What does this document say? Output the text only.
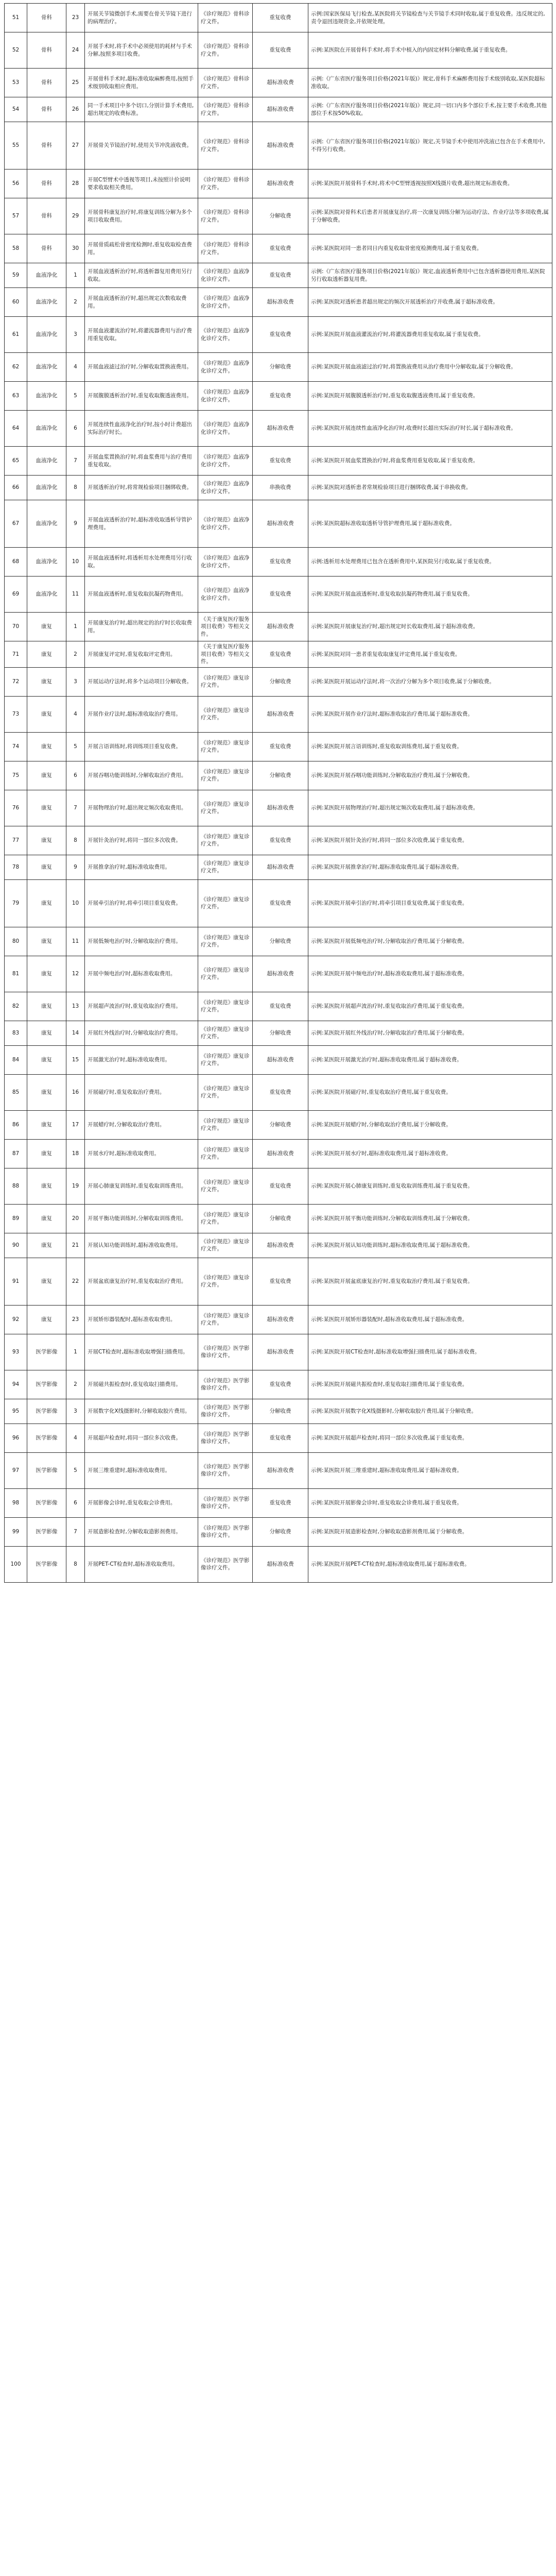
51	骨科	23	开展关节镜微创手术,需要在骨关节镜下进行的病理治疗。	《诊疗规范》骨科诊疗文件。	重复收费	示例:国家医保局飞行检查,某医院将关节镜检查与关节镜手术同时收取,属于重复收费。违反规定的,责令退回违规资金,并依规处理。
52	骨科	24	开展手术时,将手术中必须使用的耗材与手术分解,按照多项目收费。	《诊疗规范》骨科诊疗文件。	重复收费	示例:某医院在开展骨科手术时,将手术中植入的内固定材料分解收费,属于重复收费。
53	骨科	25	开展骨科手术时,超标准收取麻醉费用,按照手术级别收取相应费用。	《诊疗规范》骨科诊疗文件。	超标准收费	示例:《广东省医疗服务项目价格(2021年版)》规定,骨科手术麻醉费用按手术级别收取,某医院超标准收取。
54	骨科	26	同一手术项目中多个切口,分别计算手术费用,超出规定的收费标准。	《诊疗规范》骨科诊疗文件。	超标准收费	示例:《广东省医疗服务项目价格(2021年版)》规定,同一切口内多个部位手术,按主要手术收费,其他部位手术按50%收取。
55	骨科	27	开展骨关节镜治疗时,使用关节冲洗液收费。	《诊疗规范》骨科诊疗文件。	超标准收费	示例:《广东省医疗服务项目价格(2021年版)》规定,关节镜手术中使用冲洗液已包含在手术费用中,不得另行收费。
56	骨科	28	开展C型臂术中透视等项目,未按照计价说明要求收取相关费用。	《诊疗规范》骨科诊疗文件。	超标准收费	示例:某医院开展骨科手术时,将术中C型臂透视按照X线摄片收费,超出规定标准收费。
57	骨科	29	开展骨科康复治疗时,将康复训练分解为多个项目收取费用。	《诊疗规范》骨科诊疗文件。	分解收费	示例:某医院对骨科术后患者开展康复治疗,将一次康复训练分解为运动疗法、作业疗法等多项收费,属于分解收费。
58	骨科	30	开展骨质疏松骨密度检测时,重复收取检查费用。	《诊疗规范》骨科诊疗文件。	重复收费	示例:某医院对同一患者同日内重复收取骨密度检测费用,属于重复收费。
59	血液净化	1	开展血液透析治疗时,将透析器复用费用另行收取。	《诊疗规范》血液净化诊疗文件。	重复收费	示例:《广东省医疗服务项目价格(2021年版)》规定,血液透析费用中已包含透析器使用费用,某医院另行收取透析器复用费。
60	血液净化	2	开展血液透析治疗时,超出规定次数收取费用。	《诊疗规范》血液净化诊疗文件。	超标准收费	示例:某医院对透析患者超出规定的频次开展透析治疗并收费,属于超标准收费。
61	血液净化	3	开展血液灌流治疗时,将灌流器费用与治疗费用重复收取。	《诊疗规范》血液净化诊疗文件。	重复收费	示例:某医院开展血液灌流治疗时,将灌流器费用重复收取,属于重复收费。
62	血液净化	4	开展血液滤过治疗时,分解收取置换液费用。	《诊疗规范》血液净化诊疗文件。	分解收费	示例:某医院开展血液滤过治疗时,将置换液费用从治疗费用中分解收取,属于分解收费。
63	血液净化	5	开展腹膜透析治疗时,重复收取腹透液费用。	《诊疗规范》血液净化诊疗文件。	重复收费	示例:某医院开展腹膜透析治疗时,重复收取腹透液费用,属于重复收费。
64	血液净化	6	开展连续性血液净化治疗时,按小时计费超出实际治疗时长。	《诊疗规范》血液净化诊疗文件。	超标准收费	示例:某医院开展连续性血液净化治疗时,收费时长超出实际治疗时长,属于超标准收费。
65	血液净化	7	开展血浆置换治疗时,将血浆费用与治疗费用重复收取。	《诊疗规范》血液净化诊疗文件。	重复收费	示例:某医院开展血浆置换治疗时,将血浆费用重复收取,属于重复收费。
66	血液净化	8	开展透析治疗时,将常规检验项目捆绑收费。	《诊疗规范》血液净化诊疗文件。	串换收费	示例:某医院对透析患者常规检验项目进行捆绑收费,属于串换收费。
67	血液净化	9	开展血液透析治疗时,超标准收取透析导管护理费用。	《诊疗规范》血液净化诊疗文件。	超标准收费	示例:某医院超标准收取透析导管护理费用,属于超标准收费。
68	血液净化	10	开展血液透析时,将透析用水处理费用另行收取。	《诊疗规范》血液净化诊疗文件。	重复收费	示例:透析用水处理费用已包含在透析费用中,某医院另行收取,属于重复收费。
69	血液净化	11	开展血液透析时,重复收取抗凝药物费用。	《诊疗规范》血液净化诊疗文件。	重复收费	示例:某医院开展血液透析时,重复收取抗凝药物费用,属于重复收费。
70	康复	1	开展康复治疗时,超出规定的治疗时长收取费用。	《关于康复医疗服务项目收费》等相关文件。	超标准收费	示例:某医院开展康复治疗时,超出规定时长收取费用,属于超标准收费。
71	康复	2	开展康复评定时,重复收取评定费用。	《关于康复医疗服务项目收费》等相关文件。	重复收费	示例:某医院对同一患者重复收取康复评定费用,属于重复收费。
72	康复	3	开展运动疗法时,将多个运动项目分解收费。	《诊疗规范》康复诊疗文件。	分解收费	示例:某医院开展运动疗法时,将一次治疗分解为多个项目收费,属于分解收费。
73	康复	4	开展作业疗法时,超标准收取治疗费用。	《诊疗规范》康复诊疗文件。	超标准收费	示例:某医院开展作业疗法时,超标准收取治疗费用,属于超标准收费。
74	康复	5	开展言语训练时,将训练项目重复收费。	《诊疗规范》康复诊疗文件。	重复收费	示例:某医院开展言语训练时,重复收取训练费用,属于重复收费。
75	康复	6	开展吞咽功能训练时,分解收取治疗费用。	《诊疗规范》康复诊疗文件。	分解收费	示例:某医院开展吞咽功能训练时,分解收取治疗费用,属于分解收费。
76	康复	7	开展物理治疗时,超出规定频次收取费用。	《诊疗规范》康复诊疗文件。	超标准收费	示例:某医院开展物理治疗时,超出规定频次收取费用,属于超标准收费。
77	康复	8	开展针灸治疗时,将同一部位多次收费。	《诊疗规范》康复诊疗文件。	重复收费	示例:某医院开展针灸治疗时,将同一部位多次收费,属于重复收费。
78	康复	9	开展推拿治疗时,超标准收取费用。	《诊疗规范》康复诊疗文件。	超标准收费	示例:某医院开展推拿治疗时,超标准收取费用,属于超标准收费。
79	康复	10	开展牵引治疗时,将牵引项目重复收费。	《诊疗规范》康复诊疗文件。	重复收费	示例:某医院开展牵引治疗时,将牵引项目重复收费,属于重复收费。
80	康复	11	开展低频电治疗时,分解收取治疗费用。	《诊疗规范》康复诊疗文件。	分解收费	示例:某医院开展低频电治疗时,分解收取治疗费用,属于分解收费。
81	康复	12	开展中频电治疗时,超标准收取费用。	《诊疗规范》康复诊疗文件。	超标准收费	示例:某医院开展中频电治疗时,超标准收取费用,属于超标准收费。
82	康复	13	开展超声波治疗时,重复收取治疗费用。	《诊疗规范》康复诊疗文件。	重复收费	示例:某医院开展超声波治疗时,重复收取治疗费用,属于重复收费。
83	康复	14	开展红外线治疗时,分解收取治疗费用。	《诊疗规范》康复诊疗文件。	分解收费	示例:某医院开展红外线治疗时,分解收取治疗费用,属于分解收费。
84	康复	15	开展激光治疗时,超标准收取费用。	《诊疗规范》康复诊疗文件。	超标准收费	示例:某医院开展激光治疗时,超标准收取费用,属于超标准收费。
85	康复	16	开展磁疗时,重复收取治疗费用。	《诊疗规范》康复诊疗文件。	重复收费	示例:某医院开展磁疗时,重复收取治疗费用,属于重复收费。
86	康复	17	开展蜡疗时,分解收取治疗费用。	《诊疗规范》康复诊疗文件。	分解收费	示例:某医院开展蜡疗时,分解收取治疗费用,属于分解收费。
87	康复	18	开展水疗时,超标准收取费用。	《诊疗规范》康复诊疗文件。	超标准收费	示例:某医院开展水疗时,超标准收取费用,属于超标准收费。
88	康复	19	开展心肺康复训练时,重复收取训练费用。	《诊疗规范》康复诊疗文件。	重复收费	示例:某医院开展心肺康复训练时,重复收取训练费用,属于重复收费。
89	康复	20	开展平衡功能训练时,分解收取训练费用。	《诊疗规范》康复诊疗文件。	分解收费	示例:某医院开展平衡功能训练时,分解收取训练费用,属于分解收费。
90	康复	21	开展认知功能训练时,超标准收取费用。	《诊疗规范》康复诊疗文件。	超标准收费	示例:某医院开展认知功能训练时,超标准收取费用,属于超标准收费。
91	康复	22	开展盆底康复治疗时,重复收取治疗费用。	《诊疗规范》康复诊疗文件。	重复收费	示例:某医院开展盆底康复治疗时,重复收取治疗费用,属于重复收费。
92	康复	23	开展矫形器装配时,超标准收取费用。	《诊疗规范》康复诊疗文件。	超标准收费	示例:某医院开展矫形器装配时,超标准收取费用,属于超标准收费。
93	医学影像	1	开展CT检查时,超标准收取增强扫描费用。	《诊疗规范》医学影像诊疗文件。	超标准收费	示例:某医院开展CT检查时,超标准收取增强扫描费用,属于超标准收费。
94	医学影像	2	开展磁共振检查时,重复收取扫描费用。	《诊疗规范》医学影像诊疗文件。	重复收费	示例:某医院开展磁共振检查时,重复收取扫描费用,属于重复收费。
95	医学影像	3	开展数字化X线摄影时,分解收取胶片费用。	《诊疗规范》医学影像诊疗文件。	分解收费	示例:某医院开展数字化X线摄影时,分解收取胶片费用,属于分解收费。
96	医学影像	4	开展超声检查时,将同一部位多次收费。	《诊疗规范》医学影像诊疗文件。	重复收费	示例:某医院开展超声检查时,将同一部位多次收费,属于重复收费。
97	医学影像	5	开展三维重建时,超标准收取费用。	《诊疗规范》医学影像诊疗文件。	超标准收费	示例:某医院开展三维重建时,超标准收取费用,属于超标准收费。
98	医学影像	6	开展影像会诊时,重复收取会诊费用。	《诊疗规范》医学影像诊疗文件。	重复收费	示例:某医院开展影像会诊时,重复收取会诊费用,属于重复收费。
99	医学影像	7	开展造影检查时,分解收取造影剂费用。	《诊疗规范》医学影像诊疗文件。	分解收费	示例:某医院开展造影检查时,分解收取造影剂费用,属于分解收费。
100	医学影像	8	开展PET-CT检查时,超标准收取费用。	《诊疗规范》医学影像诊疗文件。	超标准收费	示例:某医院开展PET-CT检查时,超标准收取费用,属于超标准收费。
